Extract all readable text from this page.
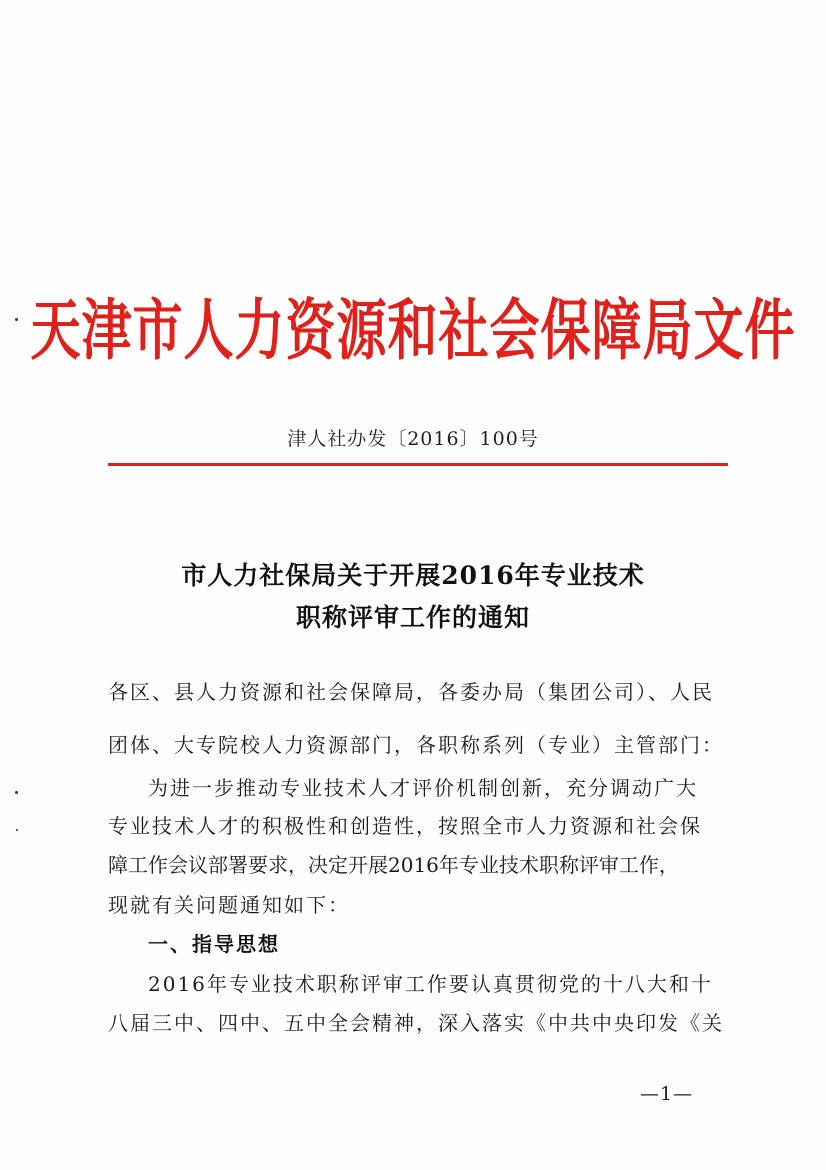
天津市人力资源和社会保障局文件
津人社办发〔2016〕100号
市人力社保局关于开展2016年专业技术
职称评审工作的通知
各区、县人力资源和社会保障局，各委办局（集团公司）、人民
团体、大专院校人力资源部门，各职称系列（专业）主管部门：
为进一步推动专业技术人才评价机制创新，充分调动广大
专业技术人才的积极性和创造性，按照全市人力资源和社会保
障工作会议部署要求，决定开展2016年专业技术职称评审工作，
现就有关问题通知如下：
一、指导思想
2016年专业技术职称评审工作要认真贯彻党的十八大和十
八届三中、四中、五中全会精神，深入落实《中共中央印发《关
—1—
